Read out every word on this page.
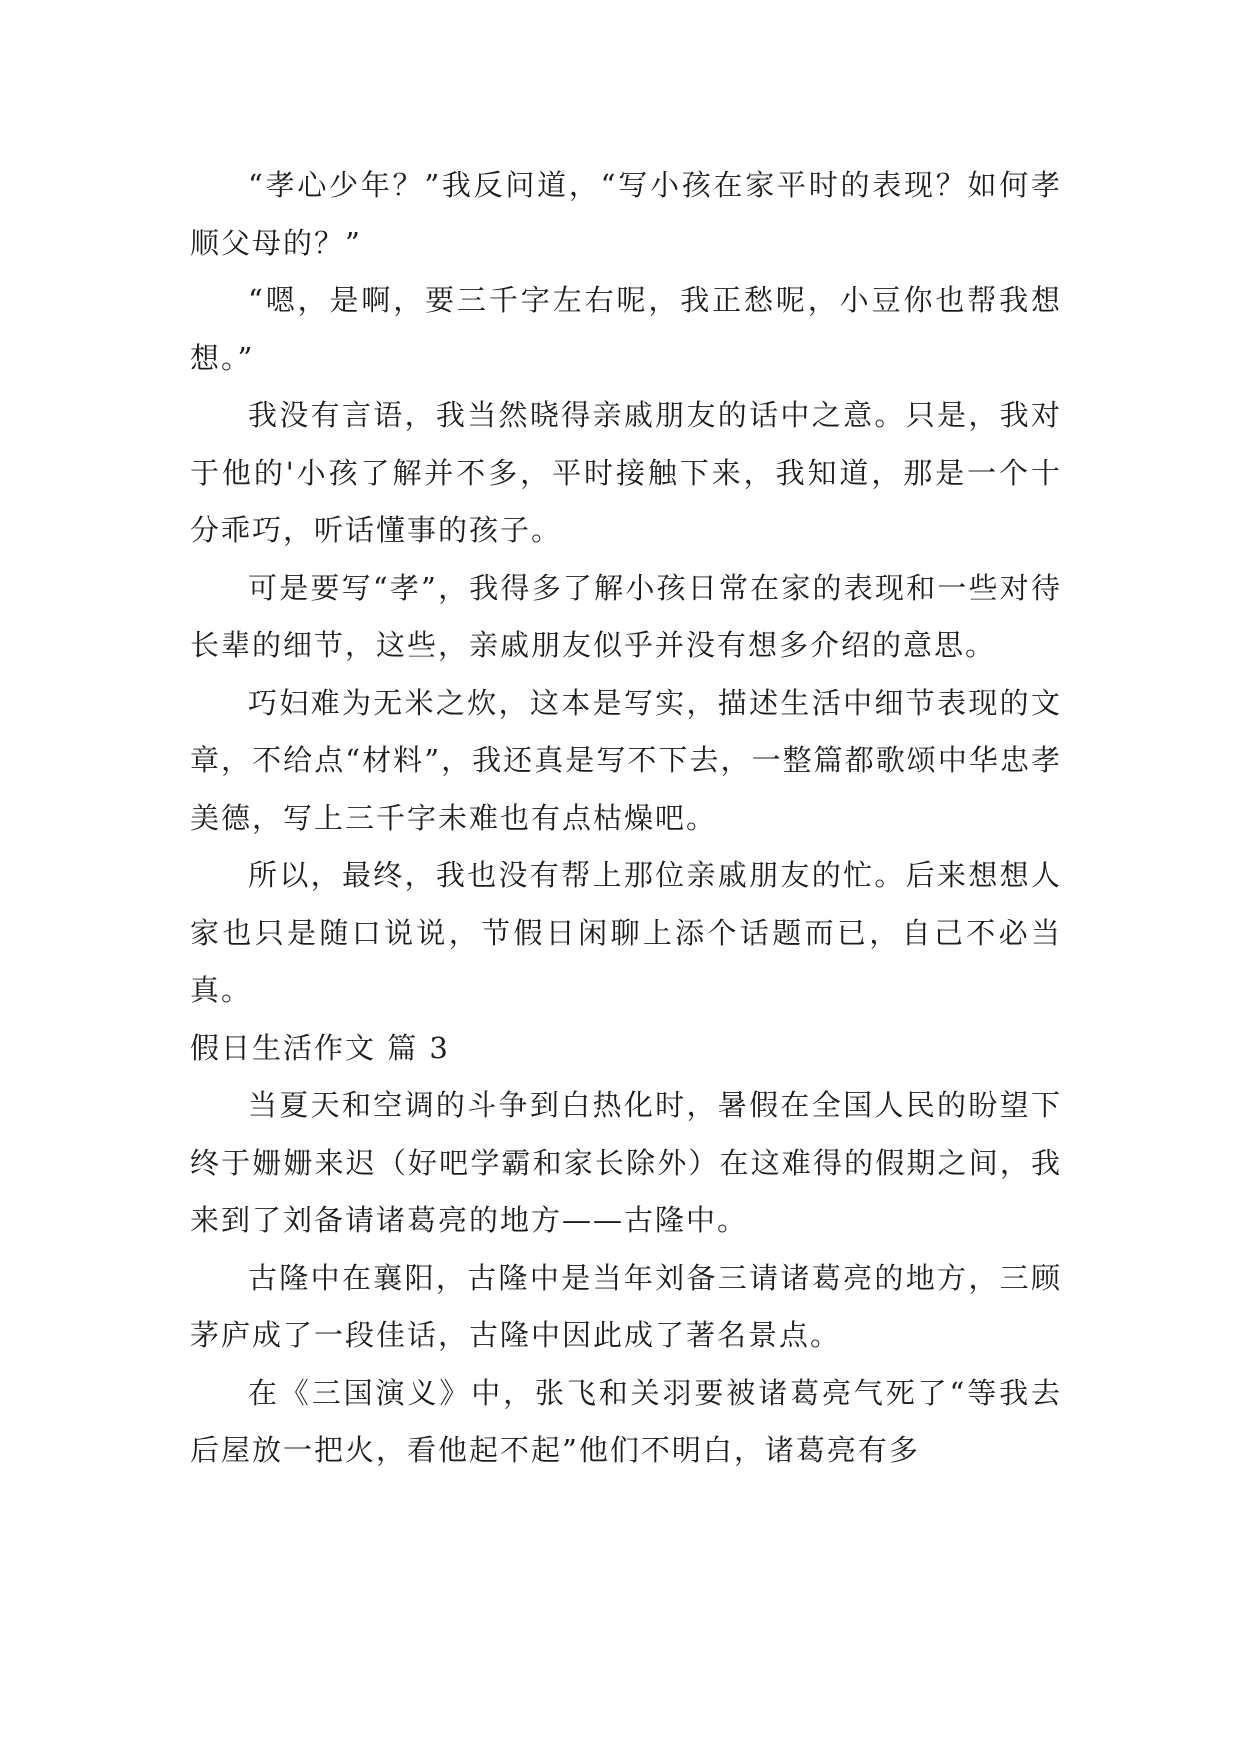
“孝心少年？”我反问道，“写小孩在家平时的表现？如何孝顺父母的？”

“嗯，是啊，要三千字左右呢，我正愁呢，小豆你也帮我想想。”

我没有言语，我当然晓得亲戚朋友的话中之意。只是，我对于他的'小孩了解并不多，平时接触下来，我知道，那是一个十分乖巧，听话懂事的孩子。

可是要写“孝”，我得多了解小孩日常在家的表现和一些对待长辈的细节，这些，亲戚朋友似乎并没有想多介绍的意思。

巧妇难为无米之炊，这本是写实，描述生活中细节表现的文章，不给点“材料”，我还真是写不下去，一整篇都歌颂中华忠孝美德，写上三千字未难也有点枯燥吧。

所以，最终，我也没有帮上那位亲戚朋友的忙。后来想想人家也只是随口说说，节假日闲聊上添个话题而已，自己不必当真。

假日生活作文 篇 3

当夏天和空调的斗争到白热化时，暑假在全国人民的盼望下终于姗姗来迟（好吧学霸和家长除外）在这难得的假期之间，我来到了刘备请诸葛亮的地方——古隆中。

古隆中在襄阳，古隆中是当年刘备三请诸葛亮的地方，三顾茅庐成了一段佳话，古隆中因此成了著名景点。

在《三国演义》中，张飞和关羽要被诸葛亮气死了“等我去后屋放一把火，看他起不起”他们不明白，诸葛亮有多
